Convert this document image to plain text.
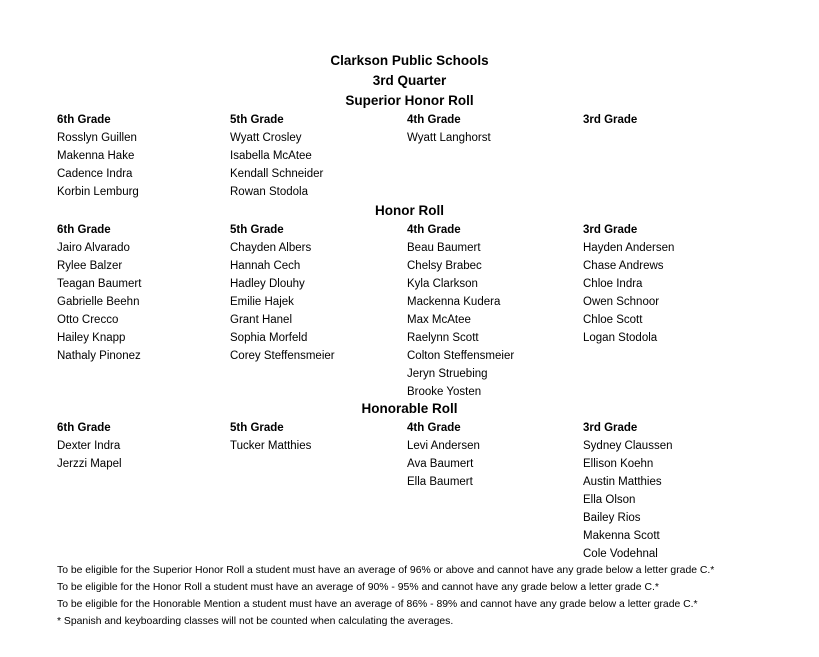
Clarkson Public Schools
3rd Quarter
Superior Honor Roll
6th Grade
Rosslyn Guillen
Makenna Hake
Cadence Indra
Korbin Lemburg
5th Grade
Wyatt Crosley
Isabella McAtee
Kendall Schneider
Rowan Stodola
4th Grade
Wyatt Langhorst
3rd Grade
Honor Roll
6th Grade
Jairo Alvarado
Rylee Balzer
Teagan Baumert
Gabrielle Beehn
Otto Crecco
Hailey Knapp
Nathaly Pinonez
5th Grade
Chayden Albers
Hannah Cech
Hadley Dlouhy
Emilie Hajek
Grant Hanel
Sophia Morfeld
Corey Steffensmeier
4th Grade
Beau Baumert
Chelsy Brabec
Kyla Clarkson
Mackenna Kudera
Max McAtee
Raelynn Scott
Colton Steffensmeier
Jeryn Struebing
Brooke Yosten
3rd Grade
Hayden Andersen
Chase Andrews
Chloe Indra
Owen Schnoor
Chloe Scott
Logan Stodola
Honorable Roll
6th Grade
Dexter Indra
Jerzzi Mapel
5th Grade
Tucker Matthies
4th Grade
Levi Andersen
Ava Baumert
Ella Baumert
3rd Grade
Sydney Claussen
Ellison Koehn
Austin Matthies
Ella Olson
Bailey Rios
Makenna Scott
Cole Vodehnal
To be eligible for the Superior Honor Roll a student must have an average of 96% or above and cannot have any grade below a letter grade C.*
To be eligible for the Honor Roll a student must have an average of 90% - 95% and cannot have any grade below a letter grade C.*
To be eligible for the Honorable Mention a student must have an average of 86% - 89% and cannot have any grade below a letter grade C.*
* Spanish and keyboarding classes will not be counted when calculating the averages.
